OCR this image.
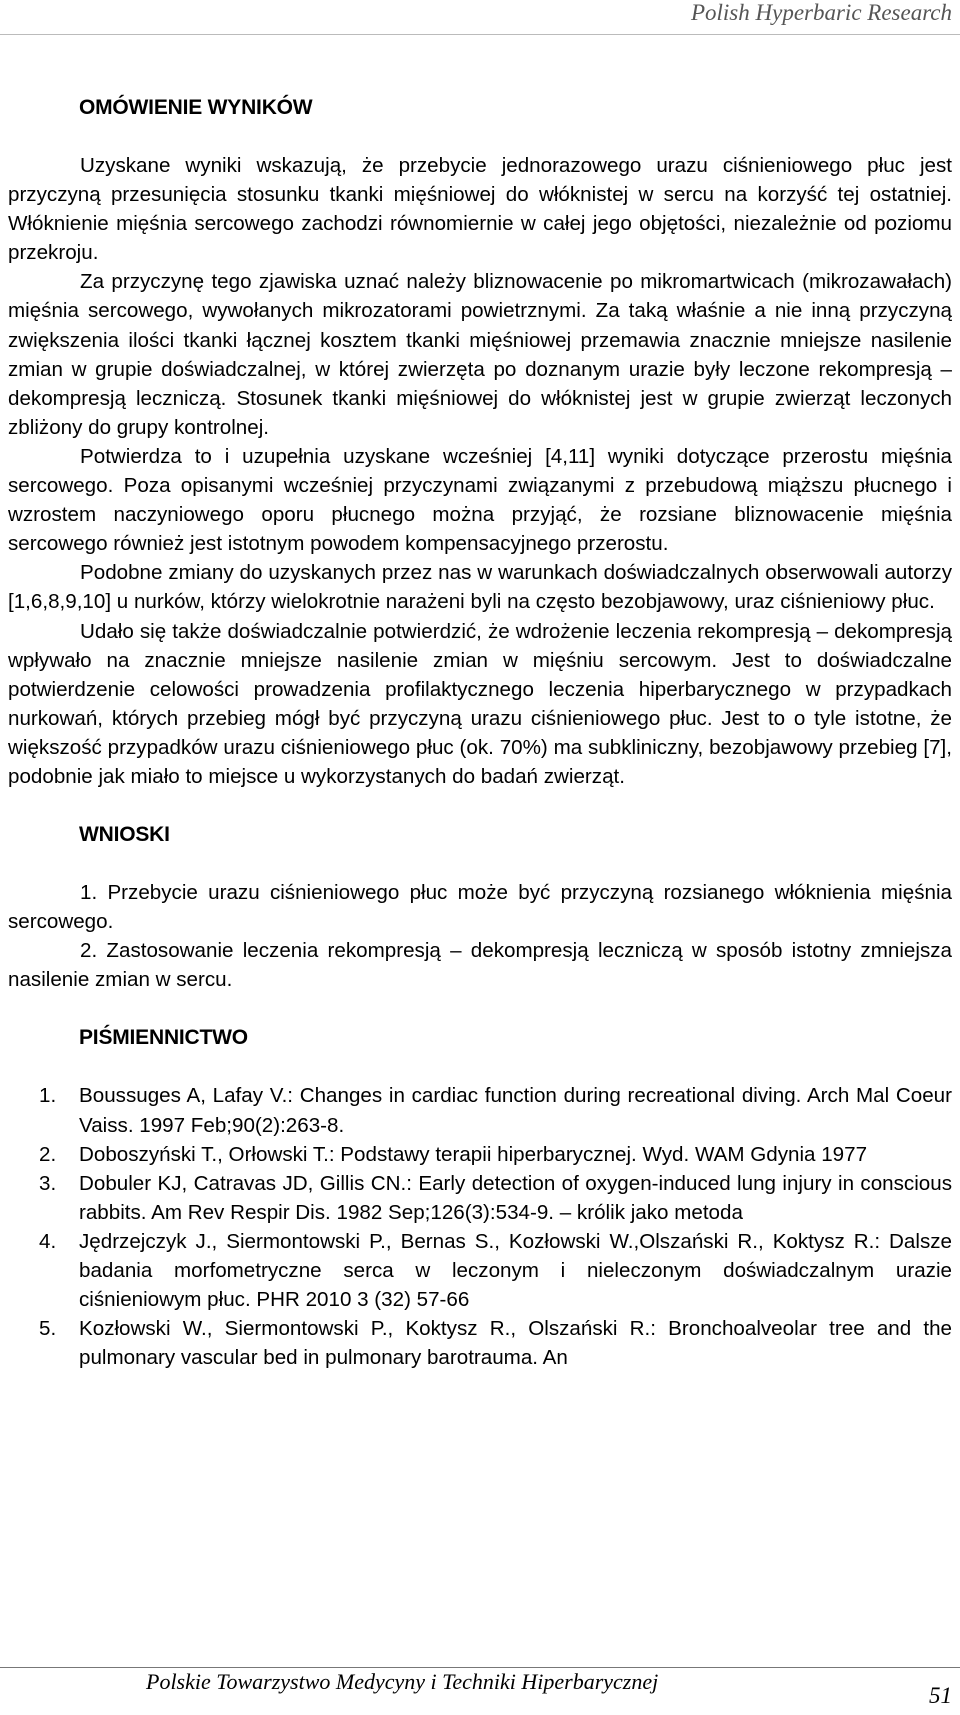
Polish Hyperbaric Research
OMÓWIENIE WYNIKÓW

Uzyskane wyniki wskazują, że przebycie jednorazowego urazu ciśnieniowego płuc jest przyczyną przesunięcia stosunku tkanki mięśniowej do włóknistej w sercu na korzyść tej ostatniej. Włóknienie mięśnia sercowego zachodzi równomiernie w całej jego objętości, niezależnie od poziomu przekroju.

Za przyczynę tego zjawiska uznać należy bliznowacenie po mikromartwicach (mikrozawałach) mięśnia sercowego, wywołanych mikrozatorami powietrznymi. Za taką właśnie a nie inną przyczyną zwiększenia ilości tkanki łącznej kosztem tkanki mięśniowej przemawia znacznie mniejsze nasilenie zmian w grupie doświadczalnej, w której zwierzęta po doznanym urazie były leczone rekompresją – dekompresją leczniczą. Stosunek tkanki mięśniowej do włóknistej jest w grupie zwierząt leczonych zbliżony do grupy kontrolnej.

Potwierdza to i uzupełnia uzyskane wcześniej [4,11] wyniki dotyczące przerostu mięśnia sercowego. Poza opisanymi wcześniej przyczynami związanymi z przebudową miąższu płucnego i wzrostem naczyniowego oporu płucnego można przyjąć, że rozsiane bliznowacenie mięśnia sercowego również jest istotnym powodem kompensacyjnego przerostu.

Podobne zmiany do uzyskanych przez nas w warunkach doświadczalnych obserwowali autorzy [1,6,8,9,10] u nurków, którzy wielokrotnie narażeni byli na często bezobjawowy, uraz ciśnieniowy płuc.

Udało się także doświadczalnie potwierdzić, że wdrożenie leczenia rekompresją – dekompresją wpływało na znacznie mniejsze nasilenie zmian w mięśniu sercowym. Jest to doświadczalne potwierdzenie celowości prowadzenia profilaktycznego leczenia hiperbarycznego w przypadkach nurkowań, których przebieg mógł być przyczyną urazu ciśnieniowego płuc. Jest to o tyle istotne, że większość przypadków urazu ciśnieniowego płuc (ok. 70%) ma subkliniczny, bezobjawowy przebieg [7], podobnie jak miało to miejsce u wykorzystanych do badań zwierząt.

WNIOSKI

1. Przebycie urazu ciśnieniowego płuc może być przyczyną rozsianego włóknienia mięśnia sercowego.

2. Zastosowanie leczenia rekompresją – dekompresją leczniczą w sposób istotny zmniejsza nasilenie zmian w sercu.

PIŚMIENNICTWO
1. Boussuges A, Lafay V.: Changes in cardiac function during recreational diving. Arch Mal Coeur Vaiss. 1997 Feb;90(2):263-8.
2. Doboszyński T., Orłowski T.: Podstawy terapii hiperbarycznej. Wyd. WAM Gdynia 1977
3. Dobuler KJ, Catravas JD, Gillis CN.: Early detection of oxygen-induced lung injury in conscious rabbits. Am Rev Respir Dis. 1982 Sep;126(3):534-9. – królik jako metoda
4. Jędrzejczyk J., Siermontowski P., Bernas S., Kozłowski W.,Olszański R., Koktysz R.: Dalsze badania morfometryczne serca w leczonym i nieleczonym doświadczalnym urazie ciśnieniowym płuc. PHR 2010 3 (32) 57-66
5. Kozłowski W., Siermontowski P., Koktysz R., Olszański R.: Bronchoalveolar tree and the pulmonary vascular bed in pulmonary barotrauma. An
Polskie Towarzystwo Medycyny i Techniki Hiperbarycznej
51
